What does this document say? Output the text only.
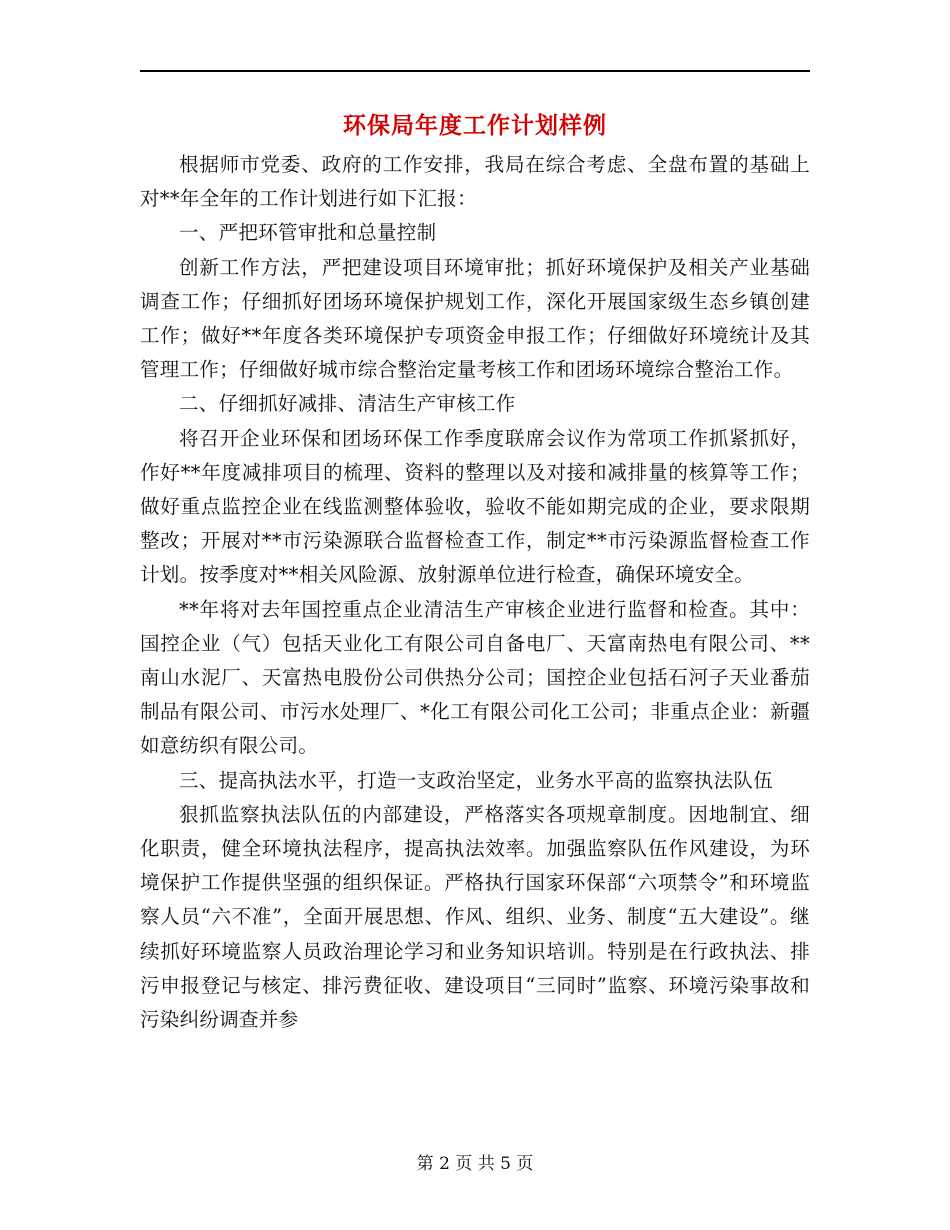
环保局年度工作计划样例

根据师市党委、政府的工作安排，我局在综合考虑、全盘布置的基础上对**年全年的工作计划进行如下汇报：

一、严把环管审批和总量控制

创新工作方法，严把建设项目环境审批；抓好环境保护及相关产业基础调查工作；仔细抓好团场环境保护规划工作，深化开展国家级生态乡镇创建工作；做好**年度各类环境保护专项资金申报工作；仔细做好环境统计及其管理工作；仔细做好城市综合整治定量考核工作和团场环境综合整治工作。

二、仔细抓好减排、清洁生产审核工作

将召开企业环保和团场环保工作季度联席会议作为常项工作抓紧抓好，作好**年度减排项目的梳理、资料的整理以及对接和减排量的核算等工作；做好重点监控企业在线监测整体验收，验收不能如期完成的企业，要求限期整改；开展对**市污染源联合监督检查工作，制定**市污染源监督检查工作计划。按季度对**相关风险源、放射源单位进行检查，确保环境安全。

**年将对去年国控重点企业清洁生产审核企业进行监督和检查。其中：国控企业（气）包括天业化工有限公司自备电厂、天富南热电有限公司、**南山水泥厂、天富热电股份公司供热分公司；国控企业包括石河子天业番茄制品有限公司、市污水处理厂、*化工有限公司化工公司；非重点企业：新疆如意纺织有限公司。

三、提高执法水平，打造一支政治坚定，业务水平高的监察执法队伍

狠抓监察执法队伍的内部建设，严格落实各项规章制度。因地制宜、细化职责，健全环境执法程序，提高执法效率。加强监察队伍作风建设，为环境保护工作提供坚强的组织保证。严格执行国家环保部“六项禁令”和环境监察人员“六不准”，全面开展思想、作风、组织、业务、制度“五大建设”。继续抓好环境监察人员政治理论学习和业务知识培训。特别是在行政执法、排污申报登记与核定、排污费征收、建设项目“三同时”监察、环境污染事故和污染纠纷调查并参

第 2 页 共 5 页
